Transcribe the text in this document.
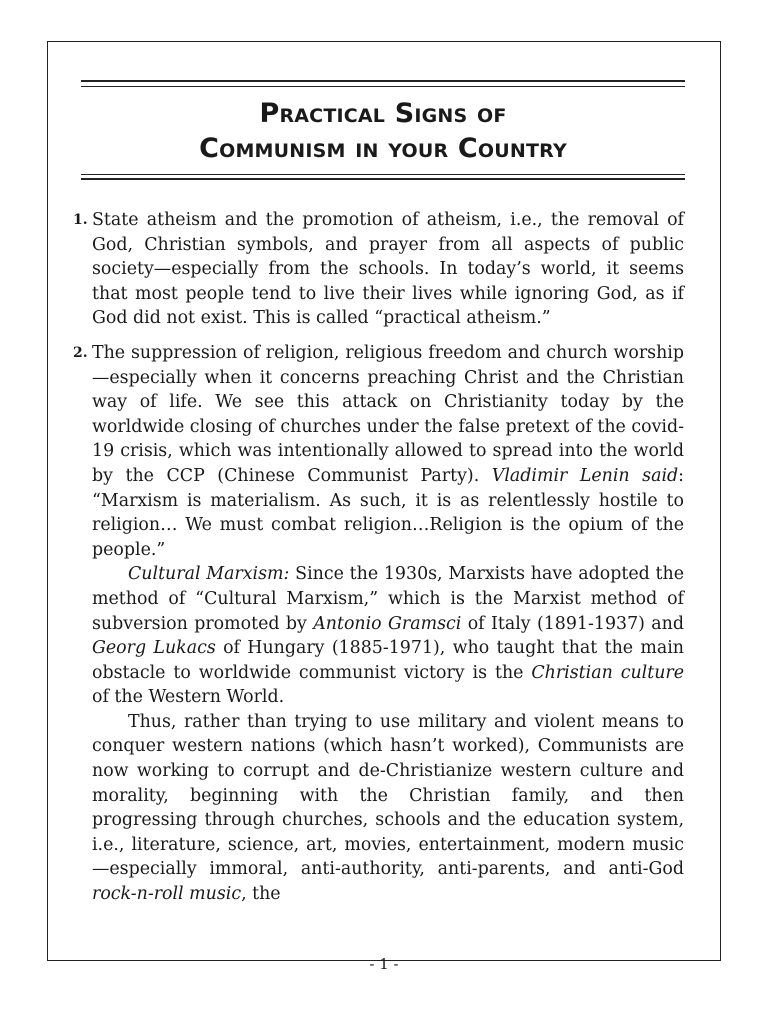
Practical Signs of
Communism in your Country
1. State atheism and the promotion of atheism, i.e., the removal of God, Christian symbols, and prayer from all aspects of public society—especially from the schools. In today’s world, it seems that most people tend to live their lives while ignoring God, as if God did not exist. This is called “practical atheism.”

2. The suppression of religion, religious freedom and church worship—especially when it concerns preaching Christ and the Christian way of life. We see this attack on Christianity today by the worldwide closing of churches under the false pretext of the covid-19 crisis, which was intentionally allowed to spread into the world by the CCP (Chinese Communist Party). Vladimir Lenin said: “Marxism is materialism. As such, it is as relentlessly hostile to religion… We must combat religion…Religion is the opium of the people.”

Cultural Marxism: Since the 1930s, Marxists have adopted the method of “Cultural Marxism,” which is the Marxist method of subversion promoted by Antonio Gramsci of Italy (1891-1937) and Georg Lukacs of Hungary (1885-1971), who taught that the main obstacle to worldwide communist victory is the Christian culture of the Western World.

Thus, rather than trying to use military and violent means to conquer western nations (which hasn’t worked), Communists are now working to corrupt and de-Christianize western culture and morality, beginning with the Christian family, and then progressing through churches, schools and the education system, i.e., literature, science, art, movies, entertainment, modern music—especially immoral, anti-authority, anti-parents, and anti-God rock-n-roll music, the

- 1 -
